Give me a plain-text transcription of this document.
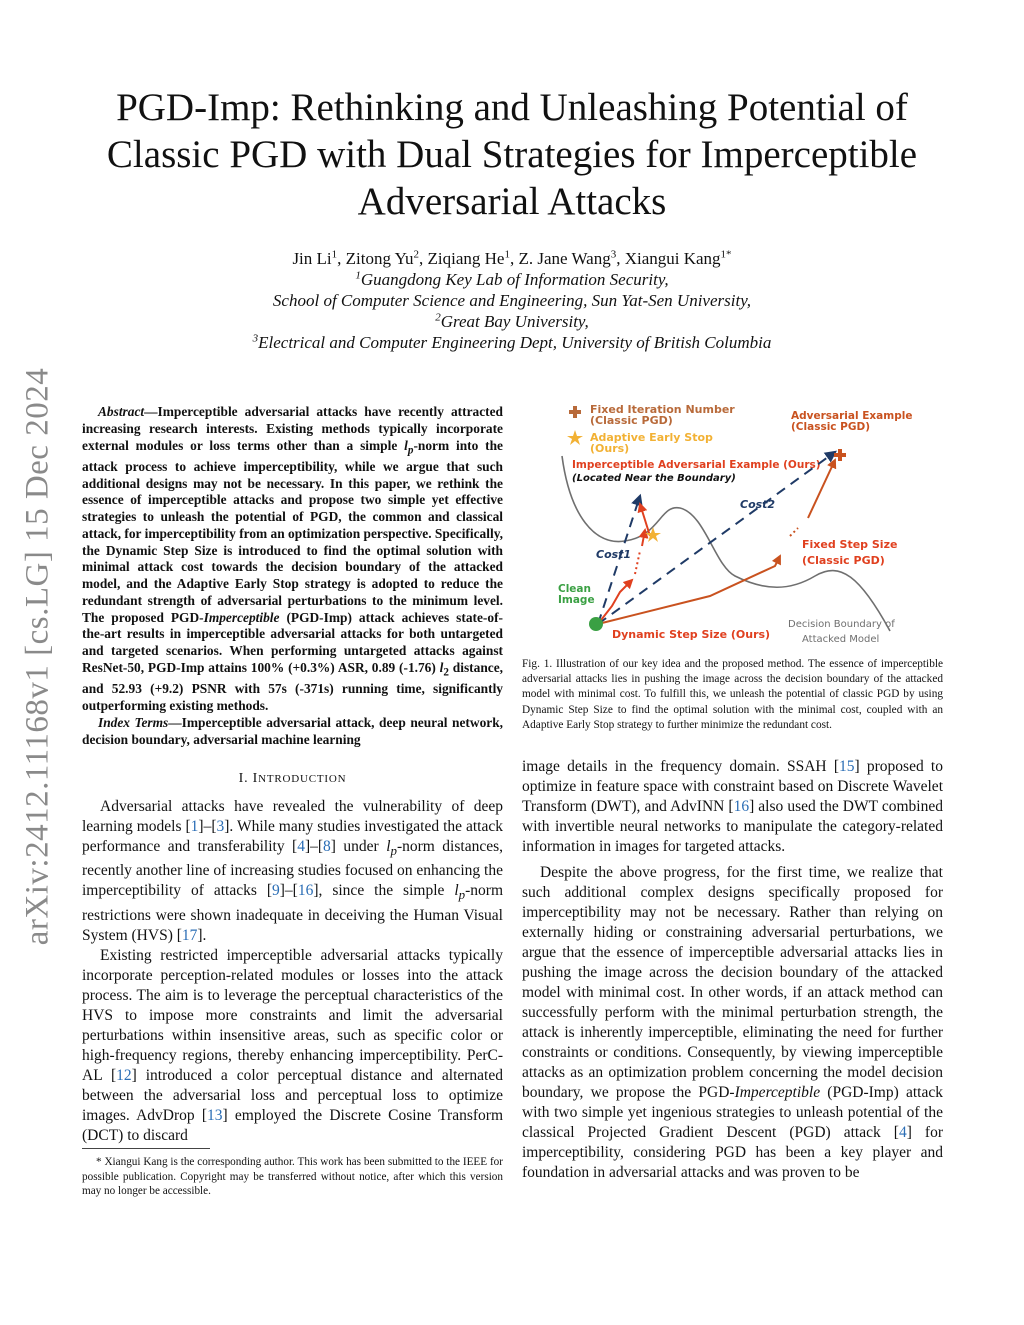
arXiv:2412.11168v1 [cs.LG] 15 Dec 2024
PGD-Imp: Rethinking and Unleashing Potential of
Classic PGD with Dual Strategies for Imperceptible
Adversarial Attacks
Jin Li$^1$, Zitong Yu$^2$, Ziqiang He$^1$, Z. Jane Wang$^3$, Xiangui Kang$^{1*}$
$^1$Guangdong Key Lab of Information Security,
School of Computer Science and Engineering, Sun Yat-Sen University,
$^2$Great Bay University,
$^3$Electrical and Computer Engineering Dept, University of British Columbia

Abstract—Imperceptible adversarial attacks have recently attracted increasing research interests. Existing methods typically incorporate external modules or loss terms other than a simple $l_p$-norm into the attack process to achieve imperceptibility, while we argue that such additional designs may not be necessary. In this paper, we rethink the essence of imperceptible attacks and propose two simple yet effective strategies to unleash the potential of PGD, the common and classical attack, for imperceptibility from an optimization perspective. Specifically, the Dynamic Step Size is introduced to find the optimal solution with minimal attack cost towards the decision boundary of the attacked model, and the Adaptive Early Stop strategy is adopted to reduce the redundant strength of adversarial perturbations to the minimum level. The proposed PGD-Imperceptible (PGD-Imp) attack achieves state-of-the-art results in imperceptible adversarial attacks for both untargeted and targeted scenarios. When performing untargeted attacks against ResNet-50, PGD-Imp attains 100% (+0.3%) ASR, 0.89 (-1.76) $l_2$ distance, and 52.93 (+9.2) PSNR with 57s (-371s) running time, significantly outperforming existing methods.

Index Terms—Imperceptible adversarial attack, deep neural network, decision boundary, adversarial machine learning

I. INTRODUCTION

Adversarial attacks have revealed the vulnerability of deep learning models [1]–[3]. While many studies investigated the attack performance and transferability [4]–[8] under $l_p$-norm distances, recently another line of increasing studies focused on enhancing the imperceptibility of attacks [9]–[16], since the simple $l_p$-norm restrictions were shown inadequate in deceiving the Human Visual System (HVS) [17].

Existing restricted imperceptible adversarial attacks typically incorporate perception-related modules or losses into the attack process. The aim is to leverage the perceptual characteristics of the HVS to impose more constraints and limit the adversarial perturbations within insensitive areas, such as specific color or high-frequency regions, thereby enhancing imperceptibility. PerC-AL [12] introduced a color perceptual distance and alternated between the adversarial loss and perceptual loss to optimize images. AdvDrop [13] employed the Discrete Cosine Transform (DCT) to discard

* Xiangui Kang is the corresponding author. This work has been submitted to the IEEE for possible publication. Copyright may be transferred without notice, after which this version may no longer be accessible.
Fixed Iteration Number
(Classic PGD)
Adaptive Early Stop
(Ours)
Imperceptible Adversarial Example (Ours)
(Located Near the Boundary)
Adversarial Example
(Classic PGD)
Cost2
Cost1
Fixed Step Size
(Classic PGD)
Clean
Image
Dynamic Step Size (Ours)
Decision Boundary of
Attacked Model
Fig. 1. Illustration of our key idea and the proposed method. The essence of imperceptible adversarial attacks lies in pushing the image across the decision boundary of the attacked model with minimal cost. To fulfill this, we unleash the potential of classic PGD by using Dynamic Step Size to find the optimal solution with the minimal cost, coupled with an Adaptive Early Stop strategy to further minimize the redundant cost.

image details in the frequency domain. SSAH [15] proposed to optimize in feature space with constraint based on Discrete Wavelet Transform (DWT), and AdvINN [16] also used the DWT combined with invertible neural networks to manipulate the category-related information in images for targeted attacks.

Despite the above progress, for the first time, we realize that such additional complex designs specifically proposed for imperceptibility may not be necessary. Rather than relying on externally hiding or constraining adversarial perturbations, we argue that the essence of imperceptible adversarial attacks lies in pushing the image across the decision boundary of the attacked model with minimal cost. In other words, if an attack method can successfully perform with the minimal perturbation strength, the attack is inherently imperceptible, eliminating the need for further constraints or conditions. Consequently, by viewing imperceptible attacks as an optimization problem concerning the model decision boundary, we propose the PGD-Imperceptible (PGD-Imp) attack with two simple yet ingenious strategies to unleash potential of the classical Projected Gradient Descent (PGD) attack [4] for imperceptibility, considering PGD has been a key player and foundation in adversarial attacks and was proven to be
